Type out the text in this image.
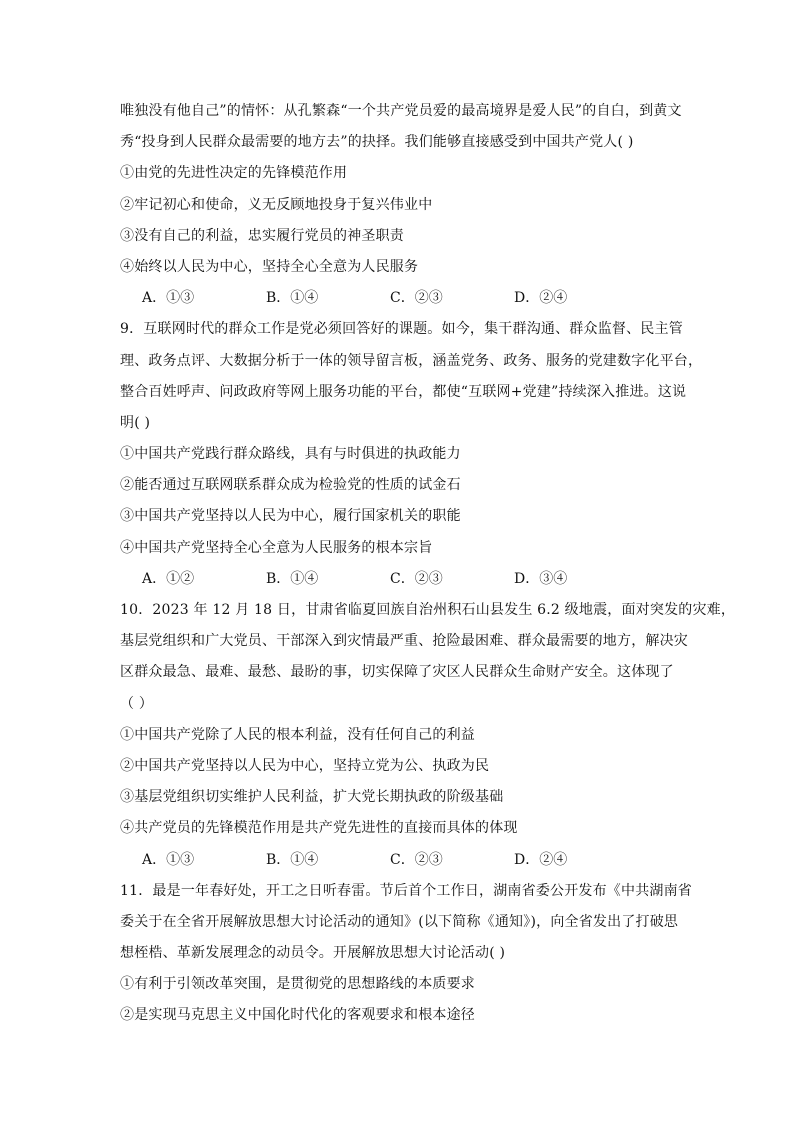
唯独没有他自己”的情怀：从孔繁森“一个共产党员爱的最高境界是爱人民”的自白，到黄文
秀“投身到人民群众最需要的地方去”的抉择。我们能够直接感受到中国共产党人( )
①由党的先进性决定的先锋模范作用
②牢记初心和使命，义无反顾地投身于复兴伟业中
③没有自己的利益，忠实履行党员的神圣职责
④始终以人民为中心，坚持全心全意为人民服务
A．①③	B．①④	C．②③	D．②④
9．互联网时代的群众工作是党必须回答好的课题。如今，集干群沟通、群众监督、民主管
理、政务点评、大数据分析于一体的领导留言板，涵盖党务、政务、服务的党建数字化平台，
整合百姓呼声、问政政府等网上服务功能的平台，都使“互联网+党建”持续深入推进。这说
明( )
①中国共产党践行群众路线，具有与时俱进的执政能力
②能否通过互联网联系群众成为检验党的性质的试金石
③中国共产党坚持以人民为中心，履行国家机关的职能
④中国共产党坚持全心全意为人民服务的根本宗旨
A．①②	B．①④	C．②③	D．③④
10．2023 年 12 月 18 日，甘肃省临夏回族自治州积石山县发生 6.2 级地震，面对突发的灾难，
基层党组织和广大党员、干部深入到灾情最严重、抢险最困难、群众最需要的地方，解决灾
区群众最急、最难、最愁、最盼的事，切实保障了灾区人民群众生命财产安全。这体现了
（ ）
①中国共产党除了人民的根本利益，没有任何自己的利益
②中国共产党坚持以人民为中心，坚持立党为公、执政为民
③基层党组织切实维护人民利益，扩大党长期执政的阶级基础
④共产党员的先锋模范作用是共产党先进性的直接而具体的体现
A．①③	B．①④	C．②③	D．②④
11．最是一年春好处，开工之日听春雷。节后首个工作日，湖南省委公开发布《中共湖南省
委关于在全省开展解放思想大讨论活动的通知》(以下简称《通知》)，向全省发出了打破思
想桎梏、革新发展理念的动员令。开展解放思想大讨论活动( )
①有利于引领改革突围，是贯彻党的思想路线的本质要求
②是实现马克思主义中国化时代化的客观要求和根本途径
